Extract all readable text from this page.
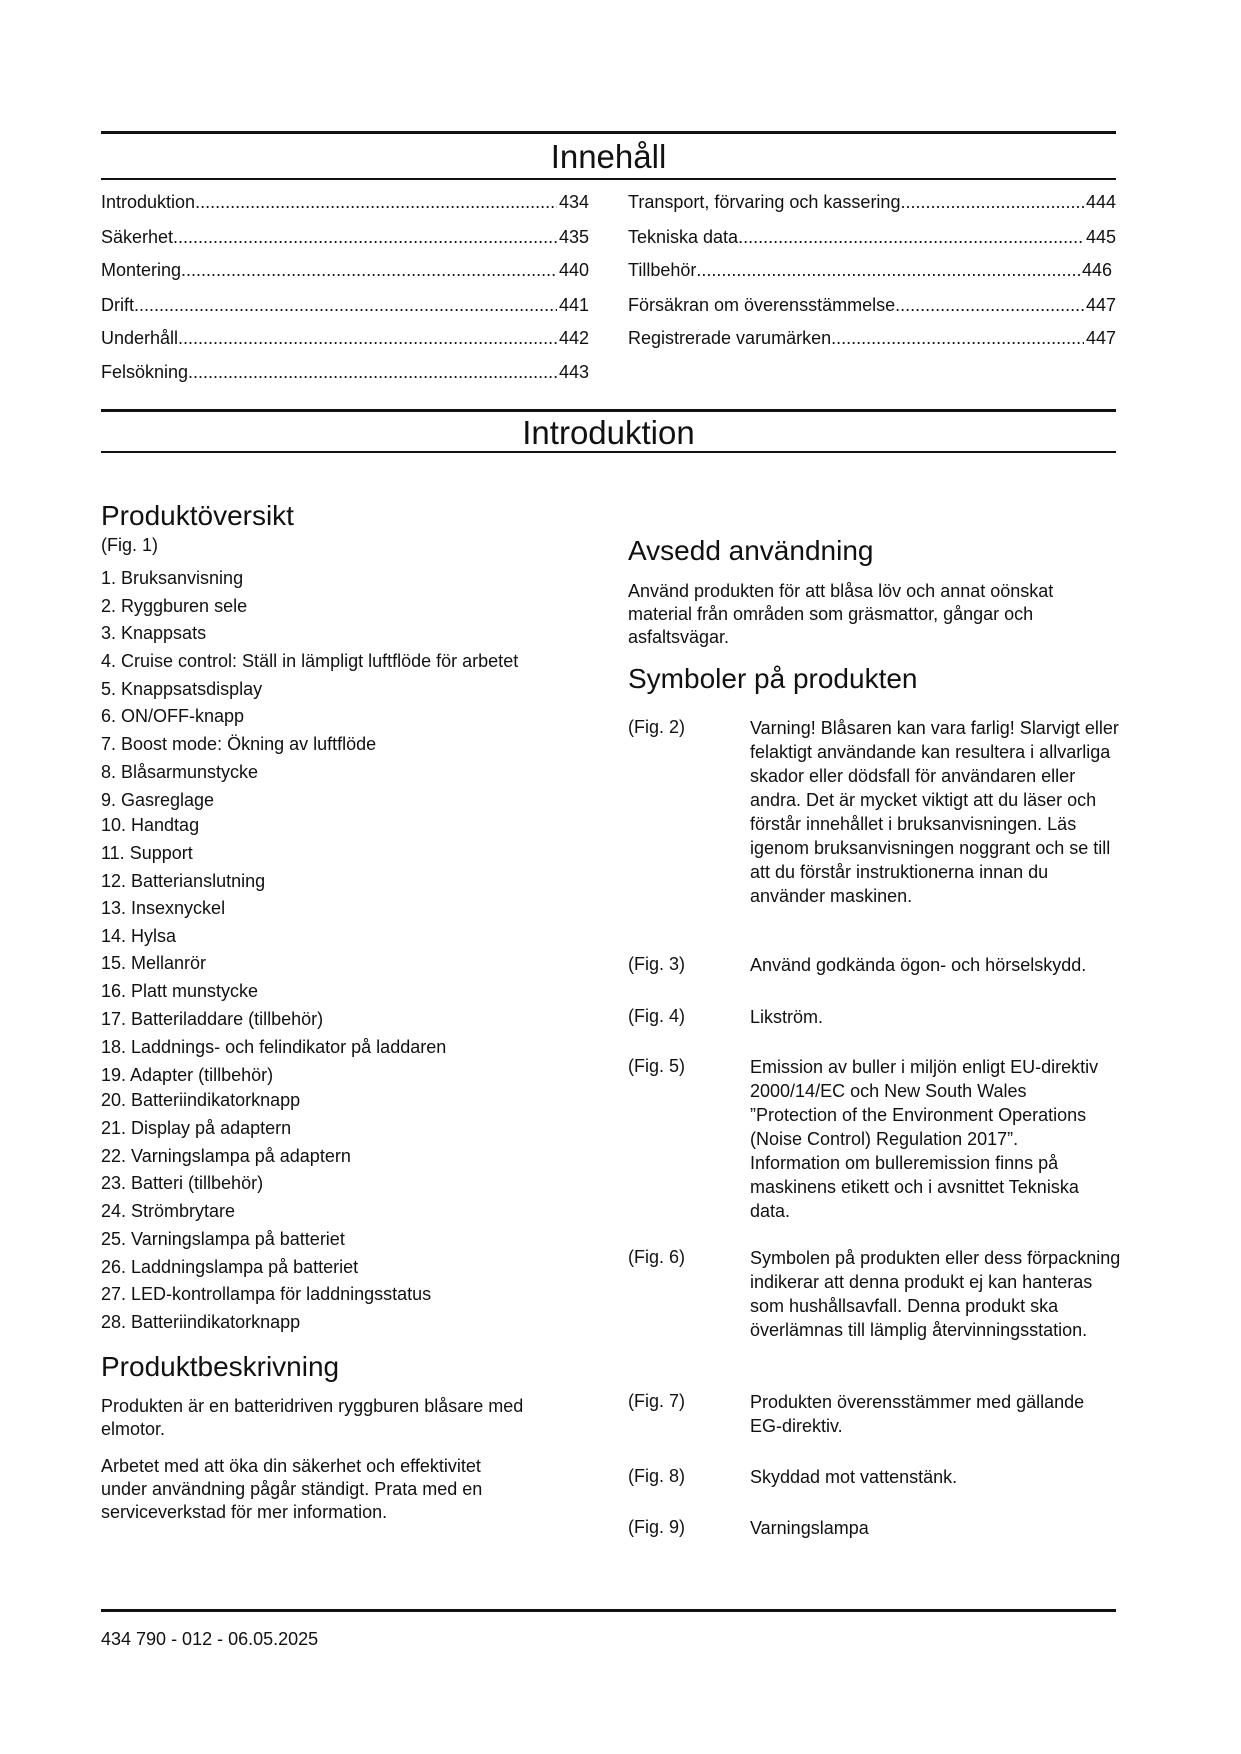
Innehåll
Introduktion .....	434
Säkerhet .....	435
Montering .....	440
Drift .....	441
Underhåll .....	442
Felsökning .....	443
Transport, förvaring och kassering .....	444
Tekniska data .....	445
Tillbehör .....	446
Försäkran om överensstämmelse .....	447
Registrerade varumärken .....	447
Introduktion
Produktöversikt
(Fig. 1)
1. Bruksanvisning
2. Ryggburen sele
3. Knappsats
4. Cruise control: Ställ in lämpligt luftflöde för arbetet
5. Knappsatsdisplay
6. ON/OFF-knapp
7. Boost mode: Ökning av luftflöde
8. Blåsarmunstycke
9. Gasreglage
10. Handtag
11. Support
12. Batterianslutning
13. Insexnyckel
14. Hylsa
15. Mellanrör
16. Platt munstycke
17. Batteriladdare (tillbehör)
18. Laddnings- och felindikator på laddaren
19. Adapter (tillbehör)
20. Batteriindikatorknapp
21. Display på adaptern
22. Varningslampa på adaptern
23. Batteri (tillbehör)
24. Strömbrytare
25. Varningslampa på batteriet
26. Laddningslampa på batteriet
27. LED-kontrollampa för laddningsstatus
28. Batteriindikatorknapp
Produktbeskrivning
Produkten är en batteridriven ryggburen blåsare med elmotor.
Arbetet med att öka din säkerhet och effektivitet under användning pågår ständigt. Prata med en serviceverkstad för mer information.
Avsedd användning
Använd produkten för att blåsa löv och annat oönskat material från områden som gräsmattor, gångar och asfaltsvägar.
Symboler på produkten
(Fig. 2)	Varning! Blåsaren kan vara farlig! Slarvigt eller felaktigt användande kan resultera i allvarliga skador eller dödsfall för användaren eller andra. Det är mycket viktigt att du läser och förstår innehållet i bruksanvisningen. Läs igenom bruksanvisningen noggrant och se till att du förstår instruktionerna innan du använder maskinen.
(Fig. 3)	Använd godkända ögon- och hörselskydd.
(Fig. 4)	Likström.
(Fig. 5)	Emission av buller i miljön enligt EU-direktiv 2000/14/EC och New South Wales ”Protection of the Environment Operations (Noise Control) Regulation 2017”. Information om bulleremission finns på maskinens etikett och i avsnittet Tekniska data.
(Fig. 6)	Symbolen på produkten eller dess förpackning indikerar att denna produkt ej kan hanteras som hushållsavfall. Denna produkt ska överlämnas till lämplig återvinningsstation.
(Fig. 7)	Produkten överensstämmer med gällande EG-direktiv.
(Fig. 8)	Skyddad mot vattenstänk.
(Fig. 9)	Varningslampa
434 790 - 012 - 06.05.2025
